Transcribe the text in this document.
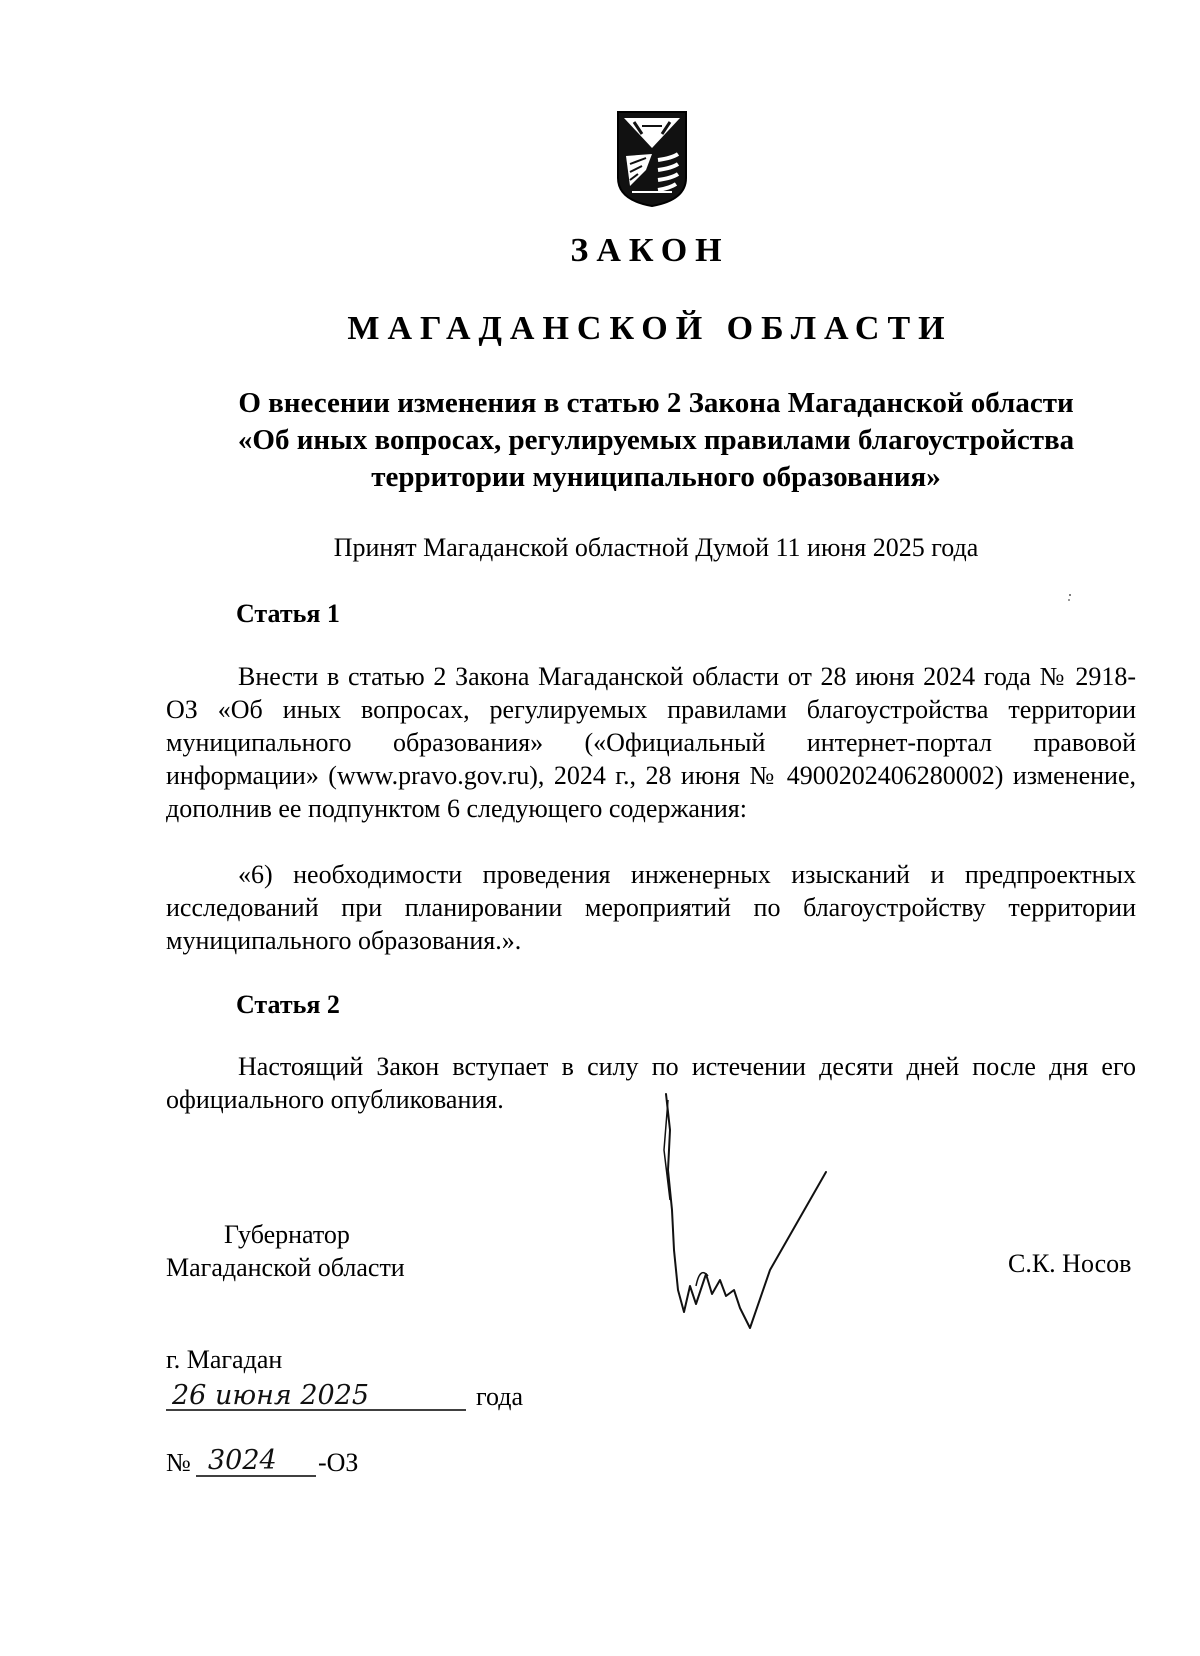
ЗАКОН
МАГАДАНСКОЙ ОБЛАСТИ
О внесении изменения в статью 2 Закона Магаданской области
«Об иных вопросах, регулируемых правилами благоустройства
территории муниципального образования»
Принят Магаданской областной Думой 11 июня 2025 года
Статья 1
Внести в статью 2 Закона Магаданской области от 28 июня 2024 года № 2918-ОЗ «Об иных вопросах, регулируемых правилами благоустройства территории муниципального образования» («Официальный интернет-портал правовой информации» (www.pravo.gov.ru), 2024 г., 28 июня № 4900202406280002) изменение, дополнив ее подпунктом 6 следующего содержания:
«6) необходимости проведения инженерных изысканий и предпроектных исследований при планировании мероприятий по благоустройству территории муниципального образования.».
Статья 2
Настоящий Закон вступает в силу по истечении десяти дней после дня его официального опубликования.
Губернатор
Магаданской области	С.К. Носов
г. Магадан
26 июня 2025	года
№ 3024 -ОЗ
